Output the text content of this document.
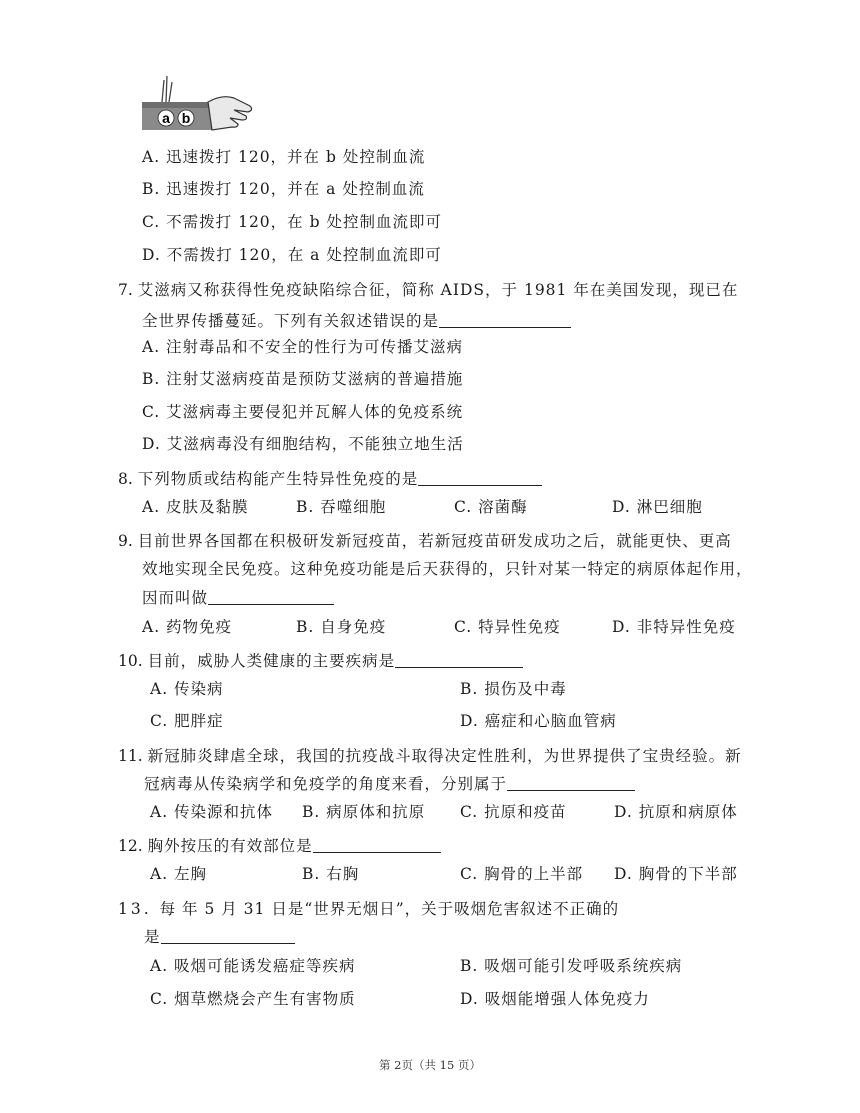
a b
A. 迅速拨打 120，并在 b 处控制血流
B. 迅速拨打 120，并在 a 处控制血流
C. 不需拨打 120，在 b 处控制血流即可
D. 不需拨打 120，在 a 处控制血流即可
7. 艾滋病又称获得性免疫缺陷综合征，简称 AIDS，于 1981 年在美国发现，现已在
全世界传播蔓延。下列有关叙述错误的是
A. 注射毒品和不安全的性行为可传播艾滋病
B. 注射艾滋病疫苗是预防艾滋病的普遍措施
C. 艾滋病毒主要侵犯并瓦解人体的免疫系统
D. 艾滋病毒没有细胞结构，不能独立地生活
8. 下列物质或结构能产生特异性免疫的是
A. 皮肤及黏膜	B. 吞噬细胞	C. 溶菌酶	D. 淋巴细胞
9. 目前世界各国都在积极研发新冠疫苗，若新冠疫苗研发成功之后，就能更快、更高
效地实现全民免疫。这种免疫功能是后天获得的，只针对某一特定的病原体起作用，
因而叫做
A. 药物免疫	B. 自身免疫	C. 特异性免疫	D. 非特异性免疫
10. 目前，威胁人类健康的主要疾病是
A. 传染病	B. 损伤及中毒
C. 肥胖症	D. 癌症和心脑血管病
11. 新冠肺炎肆虐全球，我国的抗疫战斗取得决定性胜利，为世界提供了宝贵经验。新
冠病毒从传染病学和免疫学的角度来看，分别属于
A. 传染源和抗体 B. 病原体和抗原 C. 抗原和疫苗	D. 抗原和病原体
12. 胸外按压的有效部位是
A. 左胸	B. 右胸	C. 胸骨的上半部 D. 胸骨的下半部
13. 每 年 5 月 31 日是“世界无烟日”，关于吸烟危害叙述不正确的
是
A. 吸烟可能诱发癌症等疾病	B. 吸烟可能引发呼吸系统疾病
C. 烟草燃烧会产生有害物质	D. 吸烟能增强人体免疫力
第 2页（共 15 页）
